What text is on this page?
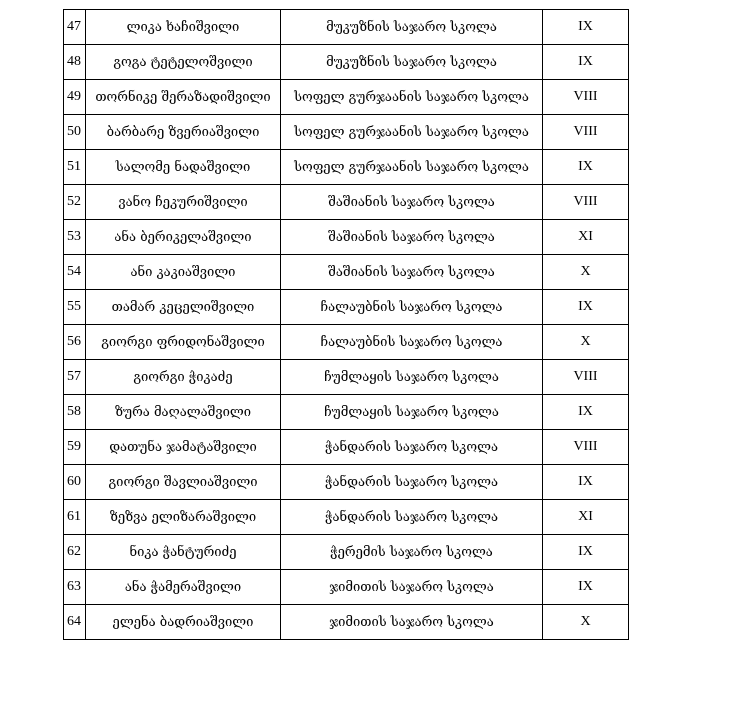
47	ლიკა ხაჩიშვილი	მუკუზნის საჯარო სკოლა	IX
48	გოგა ტეტელოშვილი	მუკუზნის საჯარო სკოლა	IX
49	თორნიკე შერაზადიშვილი	სოფელ გურჯაანის საჯარო სკოლა	VIII
50	ბარბარე ზვერიაშვილი	სოფელ გურჯაანის საჯარო სკოლა	VIII
51	სალომე ნადაშვილი	სოფელ გურჯაანის საჯარო სკოლა	IX
52	ვანო ჩეკურიშვილი	შაშიანის საჯარო სკოლა	VIII
53	ანა ბერიკელაშვილი	შაშიანის საჯარო სკოლა	XI
54	ანი კაკიაშვილი	შაშიანის საჯარო სკოლა	X
55	თამარ კეცელიშვილი	ჩალაუბნის საჯარო სკოლა	IX
56	გიორგი ფრიდონაშვილი	ჩალაუბნის საჯარო სკოლა	X
57	გიორგი ჭიკაძე	ჩუმლაყის საჯარო სკოლა	VIII
58	ზურა მაღალაშვილი	ჩუმლაყის საჯარო სკოლა	IX
59	დათუნა ჯამატაშვილი	ჭანდარის საჯარო სკოლა	VIII
60	გიორგი შავლიაშვილი	ჭანდარის საჯარო სკოლა	IX
61	ზეზვა ელიზარაშვილი	ჭანდარის საჯარო სკოლა	XI
62	ნიკა ჭანტურიძე	ჭერემის საჯარო სკოლა	IX
63	ანა ჭამერაშვილი	ჯიმითის საჯარო სკოლა	IX
64	ელენა ბადრიაშვილი	ჯიმითის საჯარო სკოლა	X
